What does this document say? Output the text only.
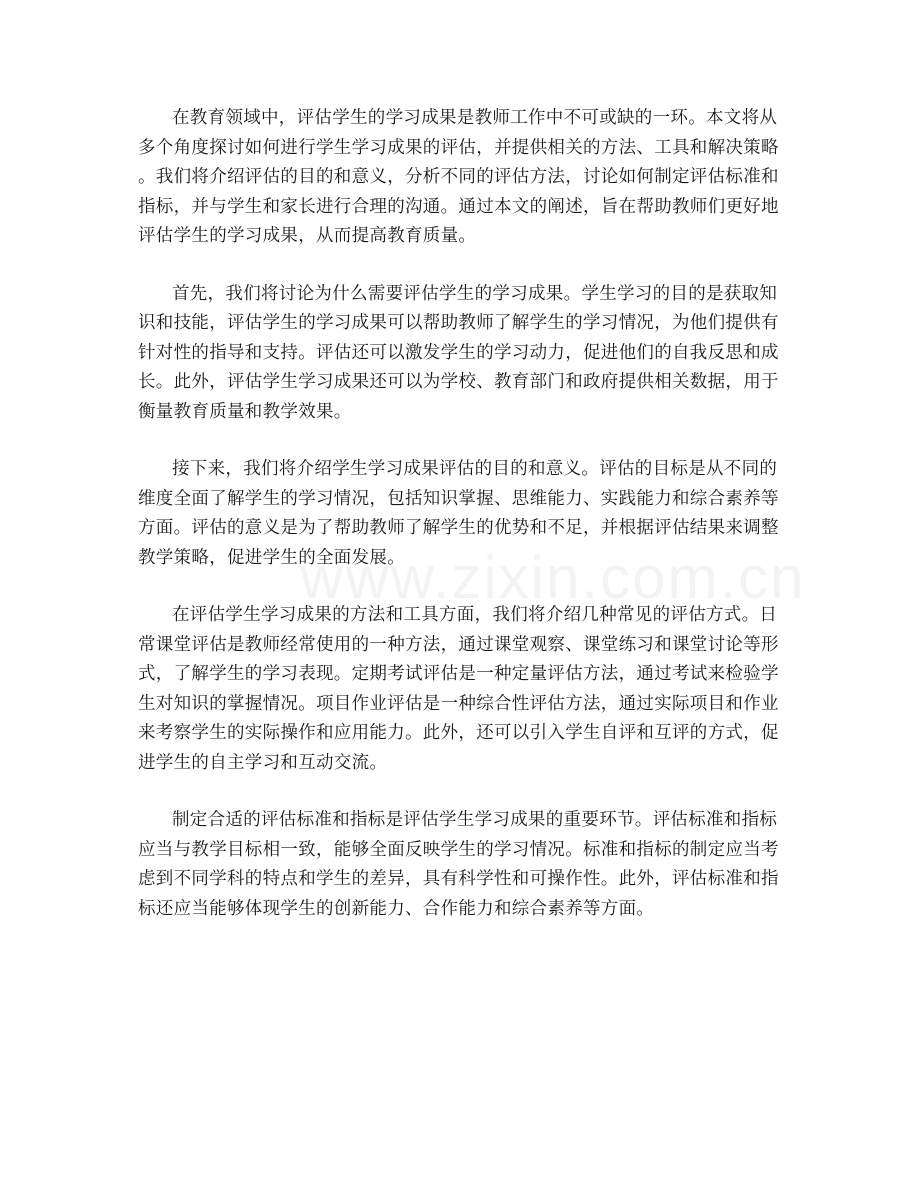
在教育领域中，评估学生的学习成果是教师工作中不可或缺的一环。本文将从
多个角度探讨如何进行学生学习成果的评估，并提供相关的方法、工具和解决策略
。我们将介绍评估的目的和意义，分析不同的评估方法，讨论如何制定评估标准和
指标，并与学生和家长进行合理的沟通。通过本文的阐述，旨在帮助教师们更好地
评估学生的学习成果，从而提高教育质量。
首先，我们将讨论为什么需要评估学生的学习成果。学生学习的目的是获取知
识和技能，评估学生的学习成果可以帮助教师了解学生的学习情况，为他们提供有
针对性的指导和支持。评估还可以激发学生的学习动力，促进他们的自我反思和成
长。此外，评估学生学习成果还可以为学校、教育部门和政府提供相关数据，用于
衡量教育质量和教学效果。
接下来，我们将介绍学生学习成果评估的目的和意义。评估的目标是从不同的
维度全面了解学生的学习情况，包括知识掌握、思维能力、实践能力和综合素养等
方面。评估的意义是为了帮助教师了解学生的优势和不足，并根据评估结果来调整
教学策略，促进学生的全面发展。
在评估学生学习成果的方法和工具方面，我们将介绍几种常见的评估方式。日
常课堂评估是教师经常使用的一种方法，通过课堂观察、课堂练习和课堂讨论等形
式，了解学生的学习表现。定期考试评估是一种定量评估方法，通过考试来检验学
生对知识的掌握情况。项目作业评估是一种综合性评估方法，通过实际项目和作业
来考察学生的实际操作和应用能力。此外，还可以引入学生自评和互评的方式，促
进学生的自主学习和互动交流。
制定合适的评估标准和指标是评估学生学习成果的重要环节。评估标准和指标
应当与教学目标相一致，能够全面反映学生的学习情况。标准和指标的制定应当考
虑到不同学科的特点和学生的差异，具有科学性和可操作性。此外，评估标准和指
标还应当能够体现学生的创新能力、合作能力和综合素养等方面。
